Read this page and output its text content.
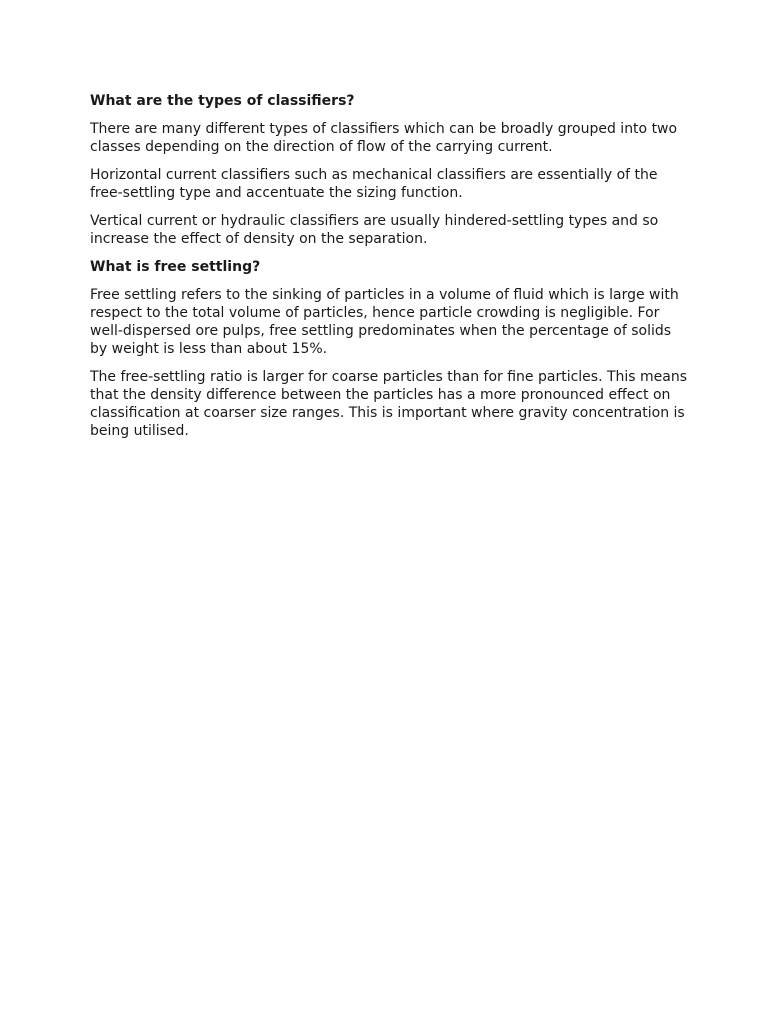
What are the types of classifiers?

There are many different types of classifiers which can be broadly grouped into two classes depending on the direction of flow of the carrying current.

Horizontal current classifiers such as mechanical classifiers are essentially of the free-settling type and accentuate the sizing function.

Vertical current or hydraulic classifiers are usually hindered-settling types and so increase the effect of density on the separation.

What is free settling?

Free settling refers to the sinking of particles in a volume of fluid which is large with respect to the total volume of particles, hence particle crowding is negligible. For well-dispersed ore pulps, free settling predominates when the percentage of solids by weight is less than about 15%.

The free-settling ratio is larger for coarse particles than for fine particles. This means that the density difference between the particles has a more pronounced effect on classification at coarser size ranges. This is important where gravity concentration is being utilised.
